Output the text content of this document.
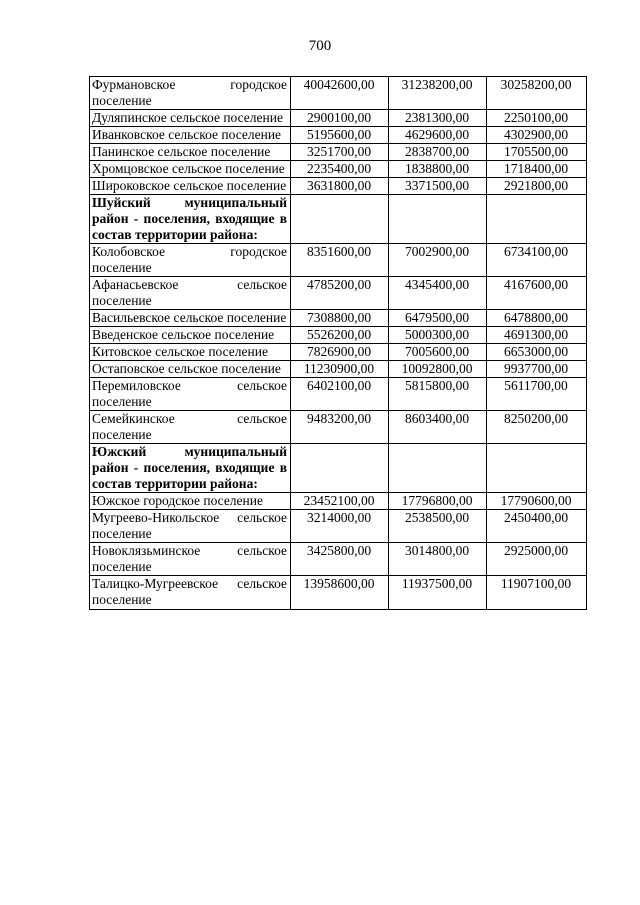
700
Фурмановское городское поселение	40042600,00	31238200,00	30258200,00
Дуляпинское сельское поселение	2900100,00	2381300,00	2250100,00
Иванковское сельское поселение	5195600,00	4629600,00	4302900,00
Панинское сельское поселение	3251700,00	2838700,00	1705500,00
Хромцовское сельское поселение	2235400,00	1838800,00	1718400,00
Широковское сельское поселение	3631800,00	3371500,00	2921800,00
Шуйский муниципальный район - поселения, входящие в состав территории района:			
Колобовское городское поселение	8351600,00	7002900,00	6734100,00
Афанасьевское сельское поселение	4785200,00	4345400,00	4167600,00
Васильевское сельское поселение	7308800,00	6479500,00	6478800,00
Введенское сельское поселение	5526200,00	5000300,00	4691300,00
Китовское сельское поселение	7826900,00	7005600,00	6653000,00
Остаповское сельское поселение	11230900,00	10092800,00	9937700,00
Перемиловское сельское поселение	6402100,00	5815800,00	5611700,00
Семейкинское сельское поселение	9483200,00	8603400,00	8250200,00
Южский муниципальный район - поселения, входящие в состав территории района:			
Южское городское поселение	23452100,00	17796800,00	17790600,00
Мугреево-Никольское сельское поселение	3214000,00	2538500,00	2450400,00
Новоклязьминское сельское поселение	3425800,00	3014800,00	2925000,00
Талицко-Мугреевское сельское поселение	13958600,00	11937500,00	11907100,00
